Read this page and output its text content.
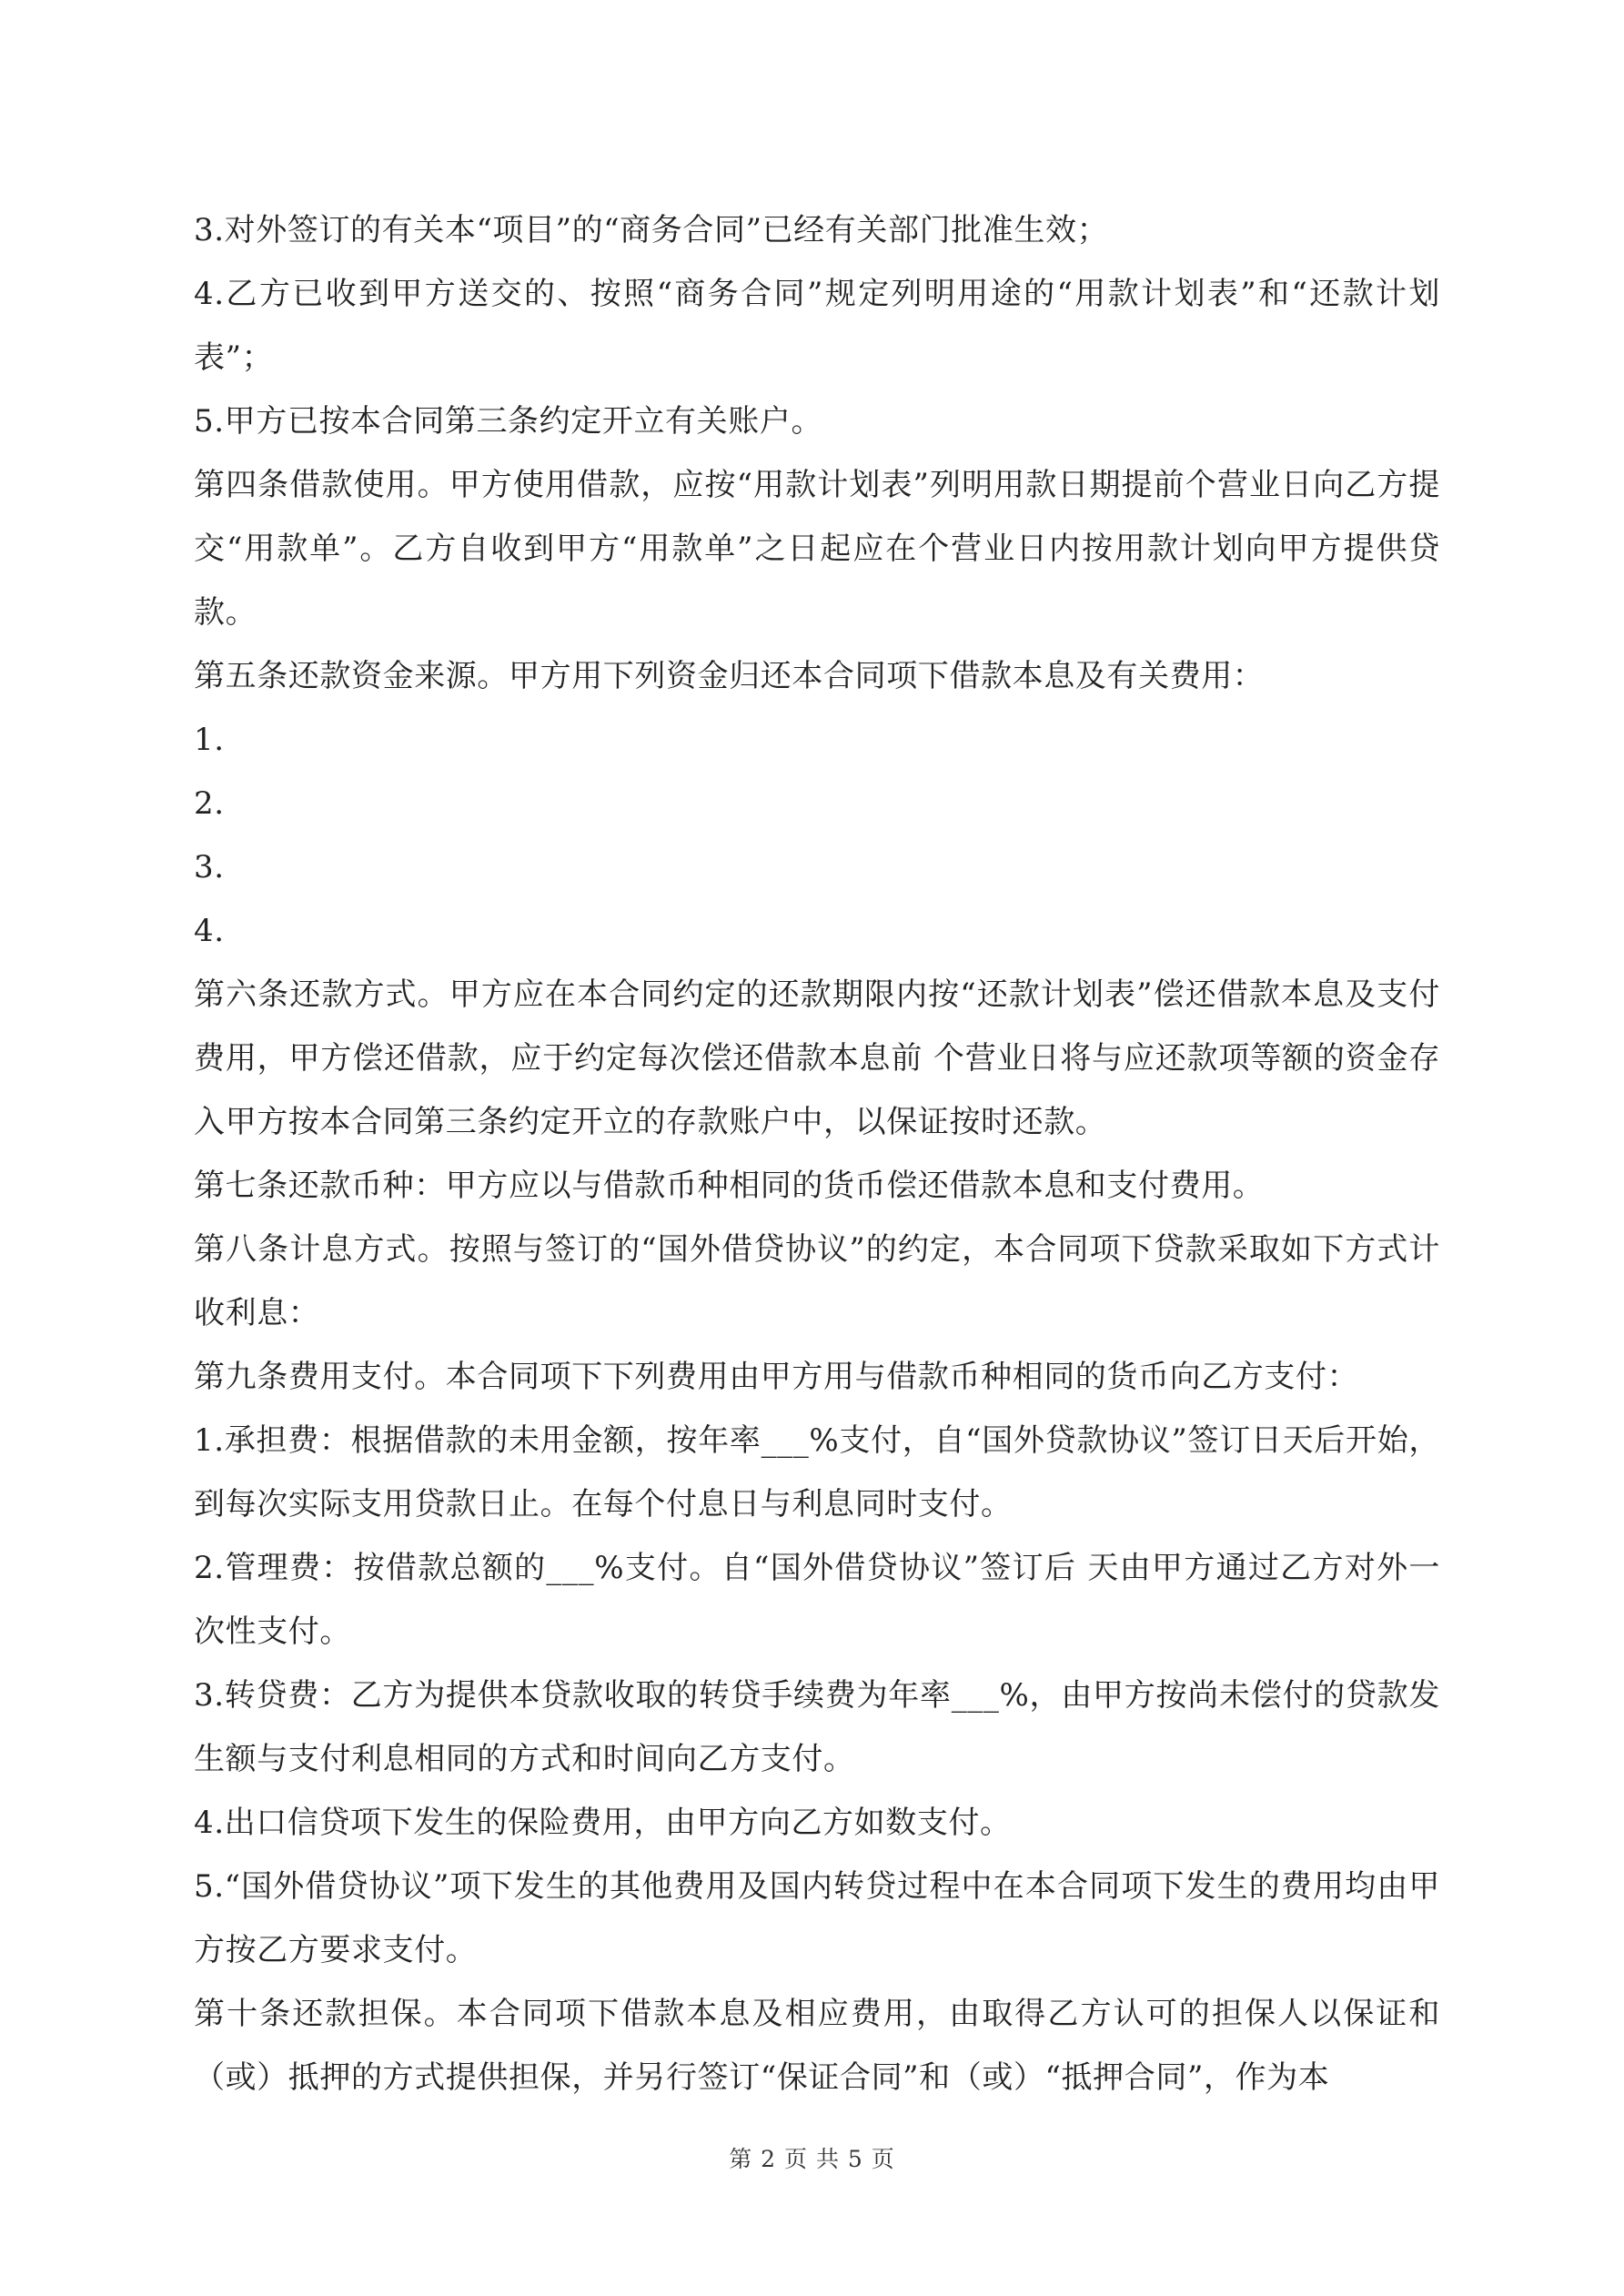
3.对外签订的有关本“项目”的“商务合同”已经有关部门批准生效；

4.乙方已收到甲方送交的、按照“商务合同”规定列明用途的“用款计划表”和“还款计划表”；

5.甲方已按本合同第三条约定开立有关账户。

第四条借款使用。甲方使用借款，应按“用款计划表”列明用款日期提前个营业日向乙方提交“用款单”。乙方自收到甲方“用款单”之日起应在个营业日内按用款计划向甲方提供贷款。

第五条还款资金来源。甲方用下列资金归还本合同项下借款本息及有关费用：

1.

2.

3.

4.

第六条还款方式。甲方应在本合同约定的还款期限内按“还款计划表”偿还借款本息及支付费用，甲方偿还借款，应于约定每次偿还借款本息前 个营业日将与应还款项等额的资金存入甲方按本合同第三条约定开立的存款账户中，以保证按时还款。

第七条还款币种：甲方应以与借款币种相同的货币偿还借款本息和支付费用。

第八条计息方式。按照与签订的“国外借贷协议”的约定，本合同项下贷款采取如下方式计收利息：

第九条费用支付。本合同项下下列费用由甲方用与借款币种相同的货币向乙方支付：

1.承担费：根据借款的未用金额，按年率___%支付，自“国外贷款协议”签订日天后开始，到每次实际支用贷款日止。在每个付息日与利息同时支付。

2.管理费：按借款总额的___%支付。自“国外借贷协议”签订后 天由甲方通过乙方对外一次性支付。

3.转贷费：乙方为提供本贷款收取的转贷手续费为年率___%，由甲方按尚未偿付的贷款发生额与支付利息相同的方式和时间向乙方支付。

4.出口信贷项下发生的保险费用，由甲方向乙方如数支付。

5.“国外借贷协议”项下发生的其他费用及国内转贷过程中在本合同项下发生的费用均由甲方按乙方要求支付。

第十条还款担保。本合同项下借款本息及相应费用，由取得乙方认可的担保人以保证和（或）抵押的方式提供担保，并另行签订“保证合同”和（或）“抵押合同”，作为本

第 2 页 共 5 页
